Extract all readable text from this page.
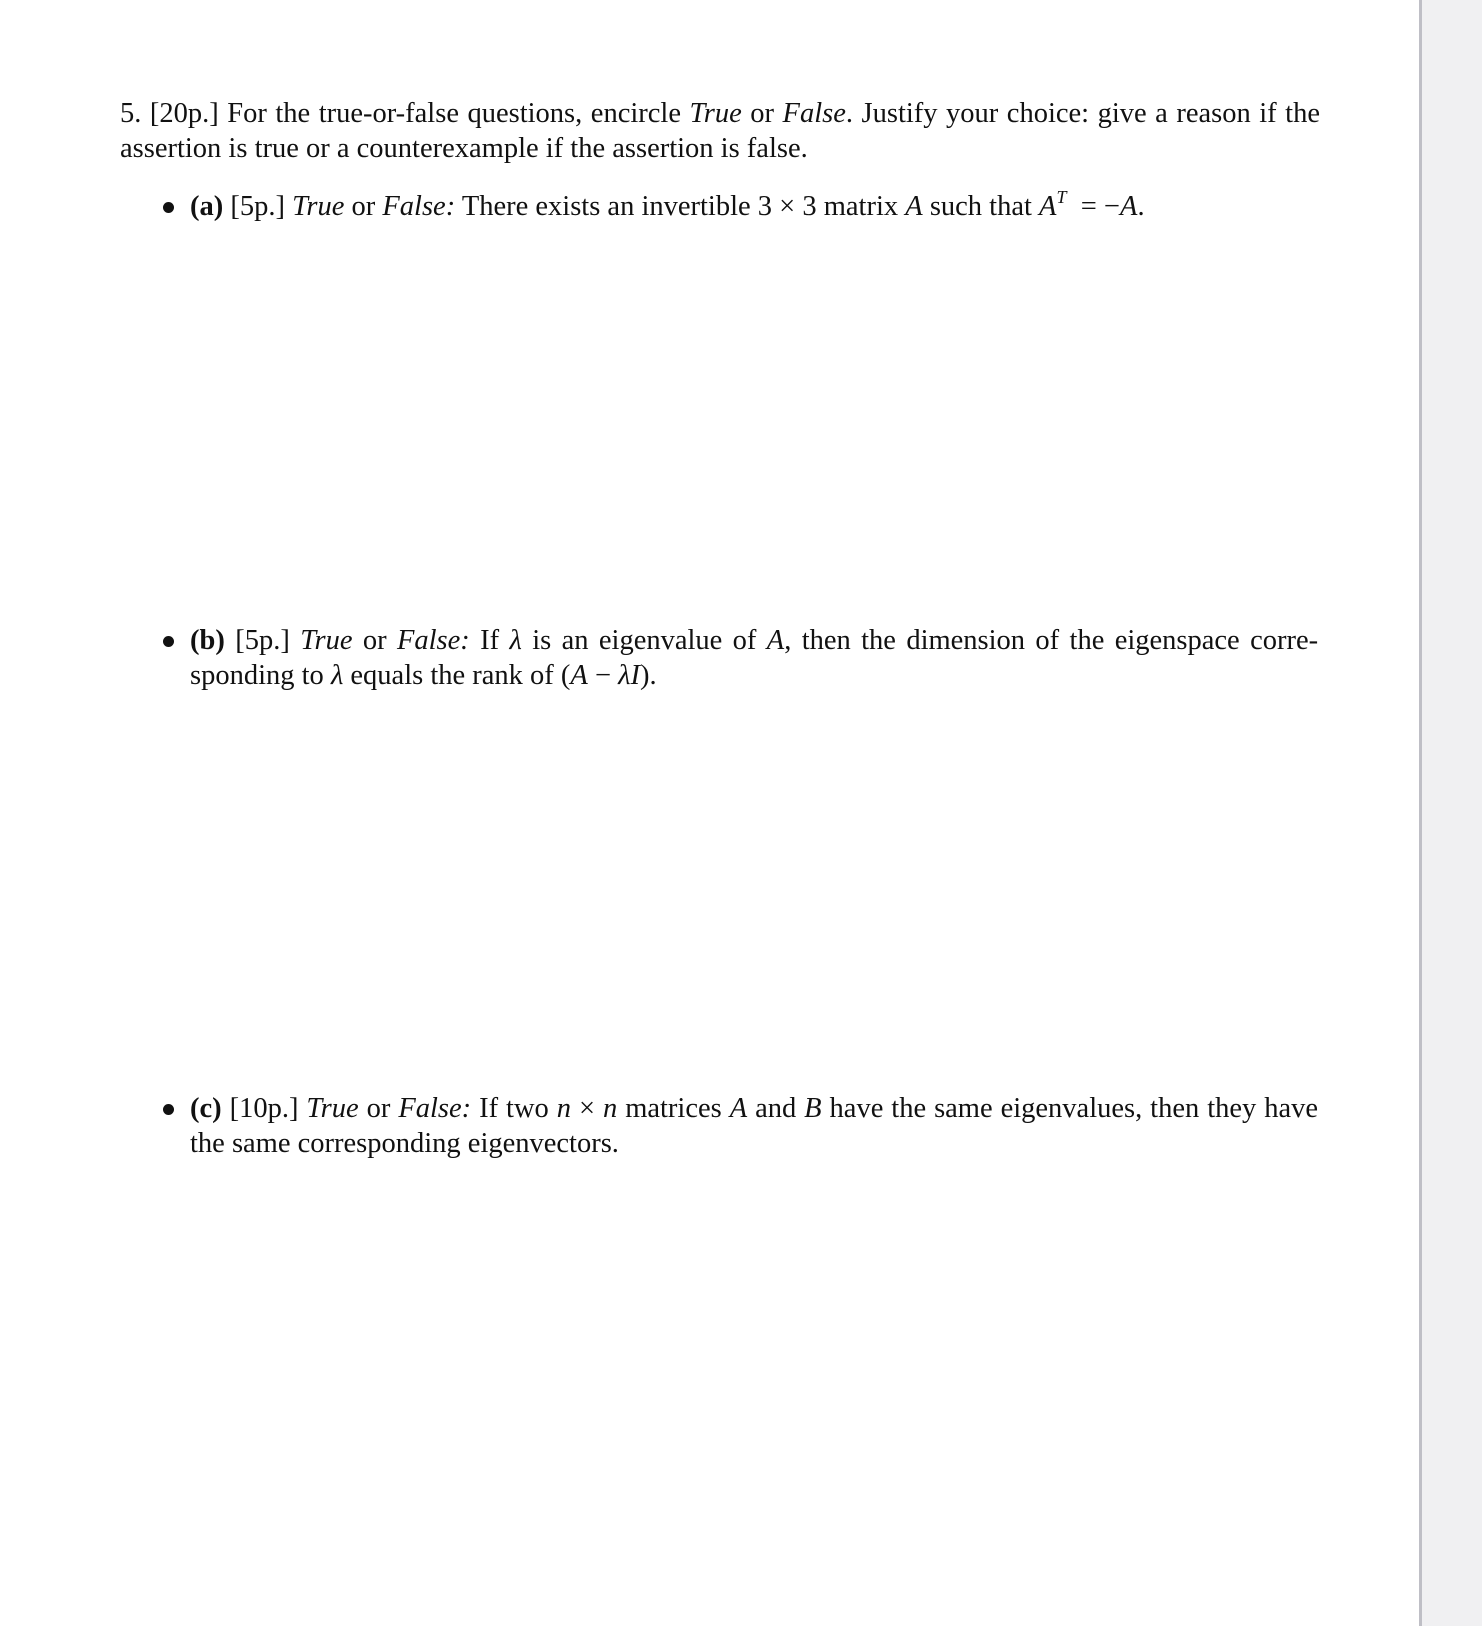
5. [20p.] For the true-or-false questions, encircle True or False. Justify your choice: give a reason if the assertion is true or a counterexample if the assertion is false.

(a) [5p.] True or False: There exists an invertible 3 × 3 matrix A such that $A^T = -A$.

(b) [5p.] True or False: If λ is an eigenvalue of A, then the dimension of the eigenspace corresponding to λ equals the rank of (A − λI).

(c) [10p.] True or False: If two n × n matrices A and B have the same eigenvalues, then they have the same corresponding eigenvectors.
